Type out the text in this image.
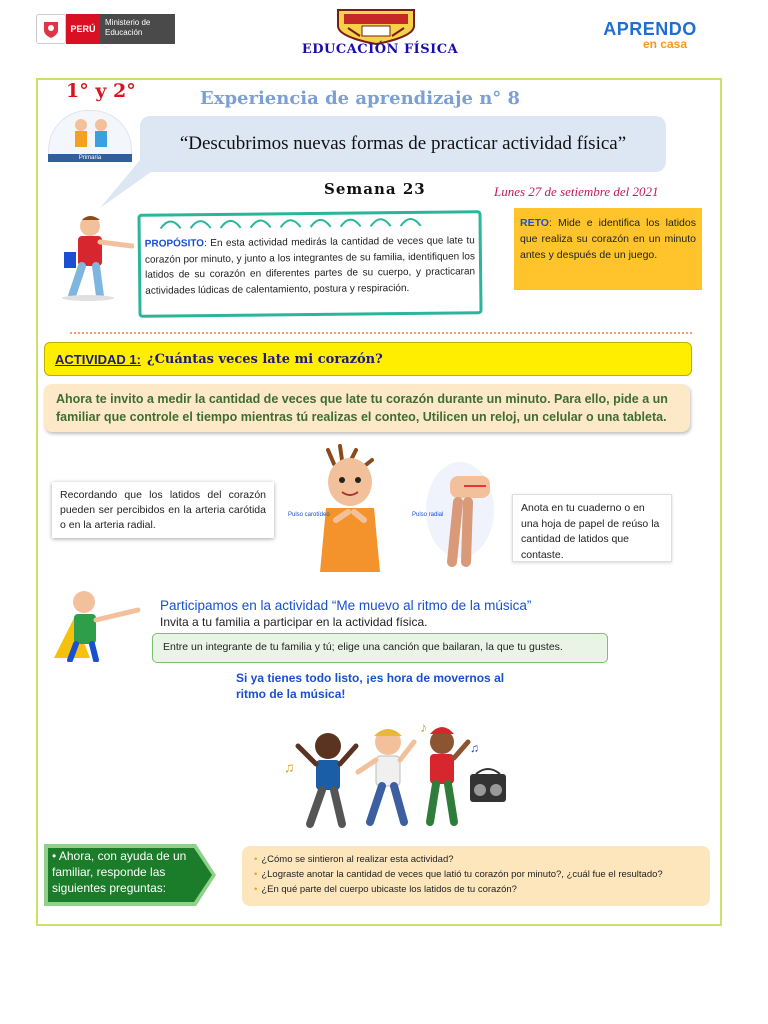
PERÚ
Ministerio de Educación
EDUCACIÓN FÍSICA
APRENDO
en casa
1° y 2°	Experiencia de aprendizaje n° 8
Primaria
“Descubrimos nuevas formas de practicar actividad física”
Semana 23	Lunes 27 de setiembre del 2021
PROPÓSITO: En esta actividad medirás la cantidad de veces que late tu corazón por minuto, y junto a los integrantes de su familia, identifiquen los latidos de su corazón en diferentes partes de su cuerpo, y practicaran actividades lúdicas de calentamiento, postura y respiración.
RETO: Mide e identifica los latidos que realiza su corazón en un minuto antes y después de un juego.
ACTIVIDAD 1: ¿Cuántas veces late mi corazón?
Ahora te invito a medir la cantidad de veces que late tu corazón durante un minuto. Para ello, pide a un familiar que controle el tiempo mientras tú realizas el conteo, Utilicen un reloj, un celular o una tableta.
Recordando que los latidos del corazón pueden ser percibidos en la arteria carótida o en la arteria radial.
Pulso carotídeo	Pulso radial
Anota en tu cuaderno o en una hoja de papel de reúso la cantidad de latidos que contaste.
Participamos en la actividad “Me muevo al ritmo de la música”
Invita a tu familia a participar en la actividad física.
Entre un integrante de tu familia y tú; elige una canción que bailaran, la que tu gustes.
Si ya tienes todo listo, ¡es hora de movernos al ritmo de la música!
♫
♪
♫
• Ahora, con ayuda de un familiar, responde las siguientes preguntas:
• ¿Cómo se sintieron al realizar esta actividad?
• ¿Lograste anotar la cantidad de veces que latió tu corazón por minuto?, ¿cuál fue el resultado?
• ¿En qué parte del cuerpo ubicaste los latidos de tu corazón?
